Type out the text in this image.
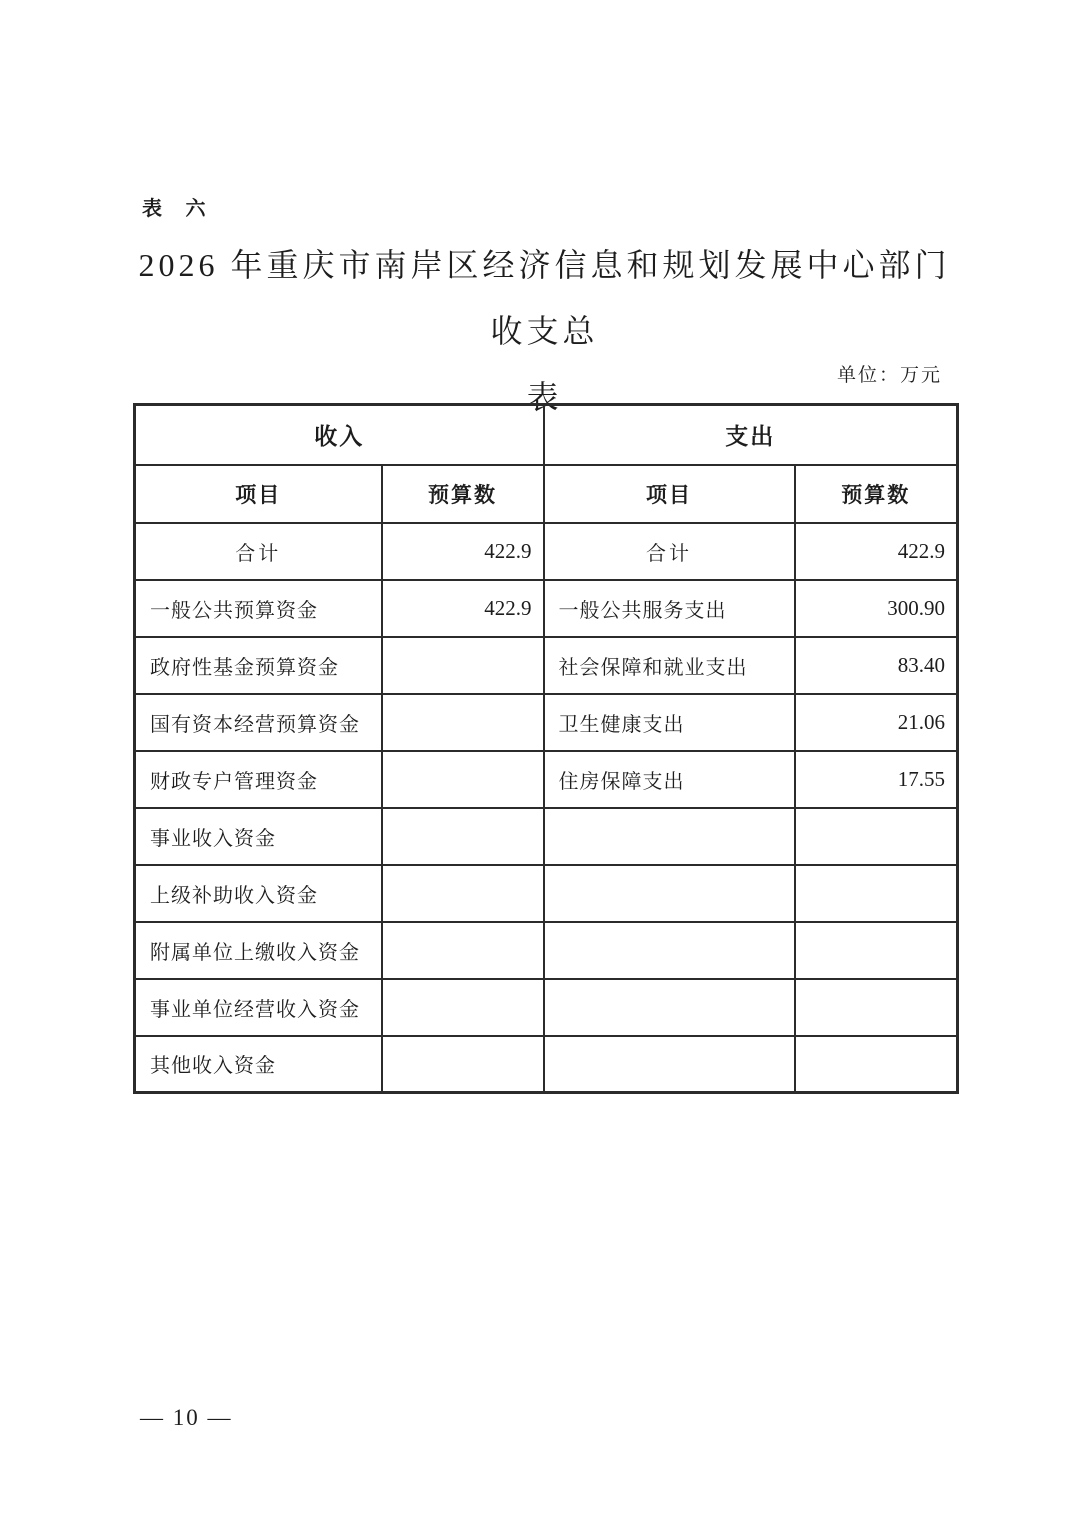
表 六
2026 年重庆市南岸区经济信息和规划发展中心部门收支总
表
单位：万元
收入		支出	
项目	预算数	项目	预算数
合计	422.9	合计	422.9
一般公共预算资金	422.9	一般公共服务支出	300.90
政府性基金预算资金		社会保障和就业支出	83.40
国有资本经营预算资金		卫生健康支出	21.06
财政专户管理资金		住房保障支出	17.55
事业收入资金			
上级补助收入资金			
附属单位上缴收入资金			
事业单位经营收入资金			
其他收入资金			
— 10 —
